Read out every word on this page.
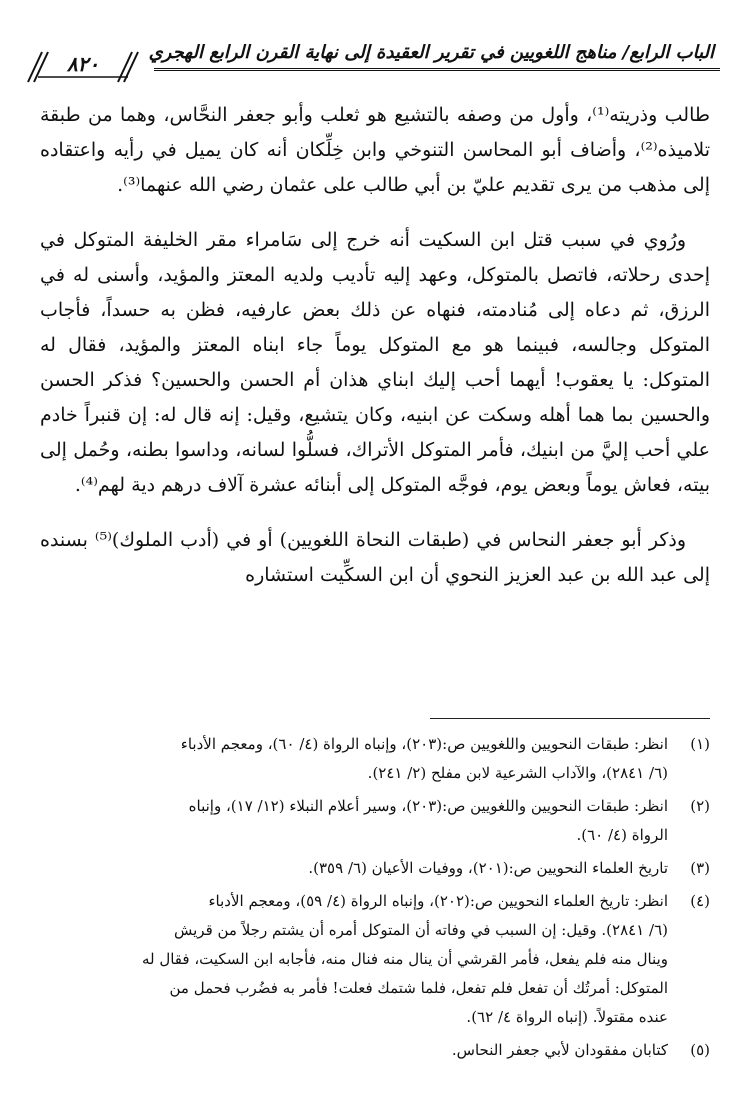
الباب الرابع/ مناهج اللغويين في تقرير العقيدة إلى نهاية القرن الرابع الهجري
٨٢٠

طالب وذريته⁽¹⁾، وأول من وصفه بالتشيع هو ثعلب وأبو جعفر النحَّاس، وهما من طبقة تلاميذه⁽²⁾، وأضاف أبو المحاسن التنوخي وابن خِلِّكان أنه كان يميل في رأيه واعتقاده إلى مذهب من يرى تقديم عليّ بن أبي طالب على عثمان رضي الله عنهما⁽³⁾.

ورُوي في سبب قتل ابن السكيت أنه خرج إلى سَامراء مقر الخليفة المتوكل في إحدى رحلاته، فاتصل بالمتوكل، وعهد إليه تأديب ولديه المعتز والمؤيد، وأسنى له في الرزق، ثم دعاه إلى مُنادمته، فنهاه عن ذلك بعض عارفيه، فظن به حسداً، فأجاب المتوكل وجالسه، فبينما هو مع المتوكل يوماً جاء ابناه المعتز والمؤيد، فقال له المتوكل: يا يعقوب! أيهما أحب إليك ابناي هذان أم الحسن والحسين؟ فذكر الحسن والحسين بما هما أهله وسكت عن ابنيه، وكان يتشيع، وقيل: إنه قال له: إن قنبراً خادم علي أحب إليَّ من ابنيك، فأمر المتوكل الأتراك، فسلُّوا لسانه، وداسوا بطنه، وحُمل إلى بيته، فعاش يوماً وبعض يوم، فوجَّه المتوكل إلى أبنائه عشرة آلاف درهم دية لهم⁽⁴⁾.

وذكر أبو جعفر النحاس في (طبقات النحاة اللغويين) أو في (أدب الملوك)⁽⁵⁾ بسنده إلى عبد الله بن عبد العزيز النحوي أن ابن السكِّيت استشاره

(١)
انظر: طبقات النحويين واللغويين ص:(٢٠٣)، وإنباه الرواة (٤/ ٦٠)، ومعجم الأدباء
(٦/ ٢٨٤١)، والآداب الشرعية لابن مفلح (٢/ ٢٤١).
(٢)
انظر: طبقات النحويين واللغويين ص:(٢٠٣)، وسير أعلام النبلاء (١٢/ ١٧)، وإنباه
الرواة (٤/ ٦٠).
(٣)
تاريخ العلماء النحويين ص:(٢٠١)، ووفيات الأعيان (٦/ ٣٥٩).
(٤)
انظر: تاريخ العلماء النحويين ص:(٢٠٢)، وإنباه الرواة (٤/ ٥٩)، ومعجم الأدباء
(٦/ ٢٨٤١). وقيل: إن السبب في وفاته أن المتوكل أمره أن يشتم رجلاً من قريش
وينال منه فلم يفعل، فأمر القرشي أن ينال منه فنال منه، فأجابه ابن السكيت، فقال له
المتوكل: أمرتُك أن تفعل فلم تفعل، فلما شتمك فعلت! فأمر به فضُرب فحمل من
عنده مقتولاً. (إنباه الرواة ٤/ ٦٢).
(٥)
كتابان مفقودان لأبي جعفر النحاس.
